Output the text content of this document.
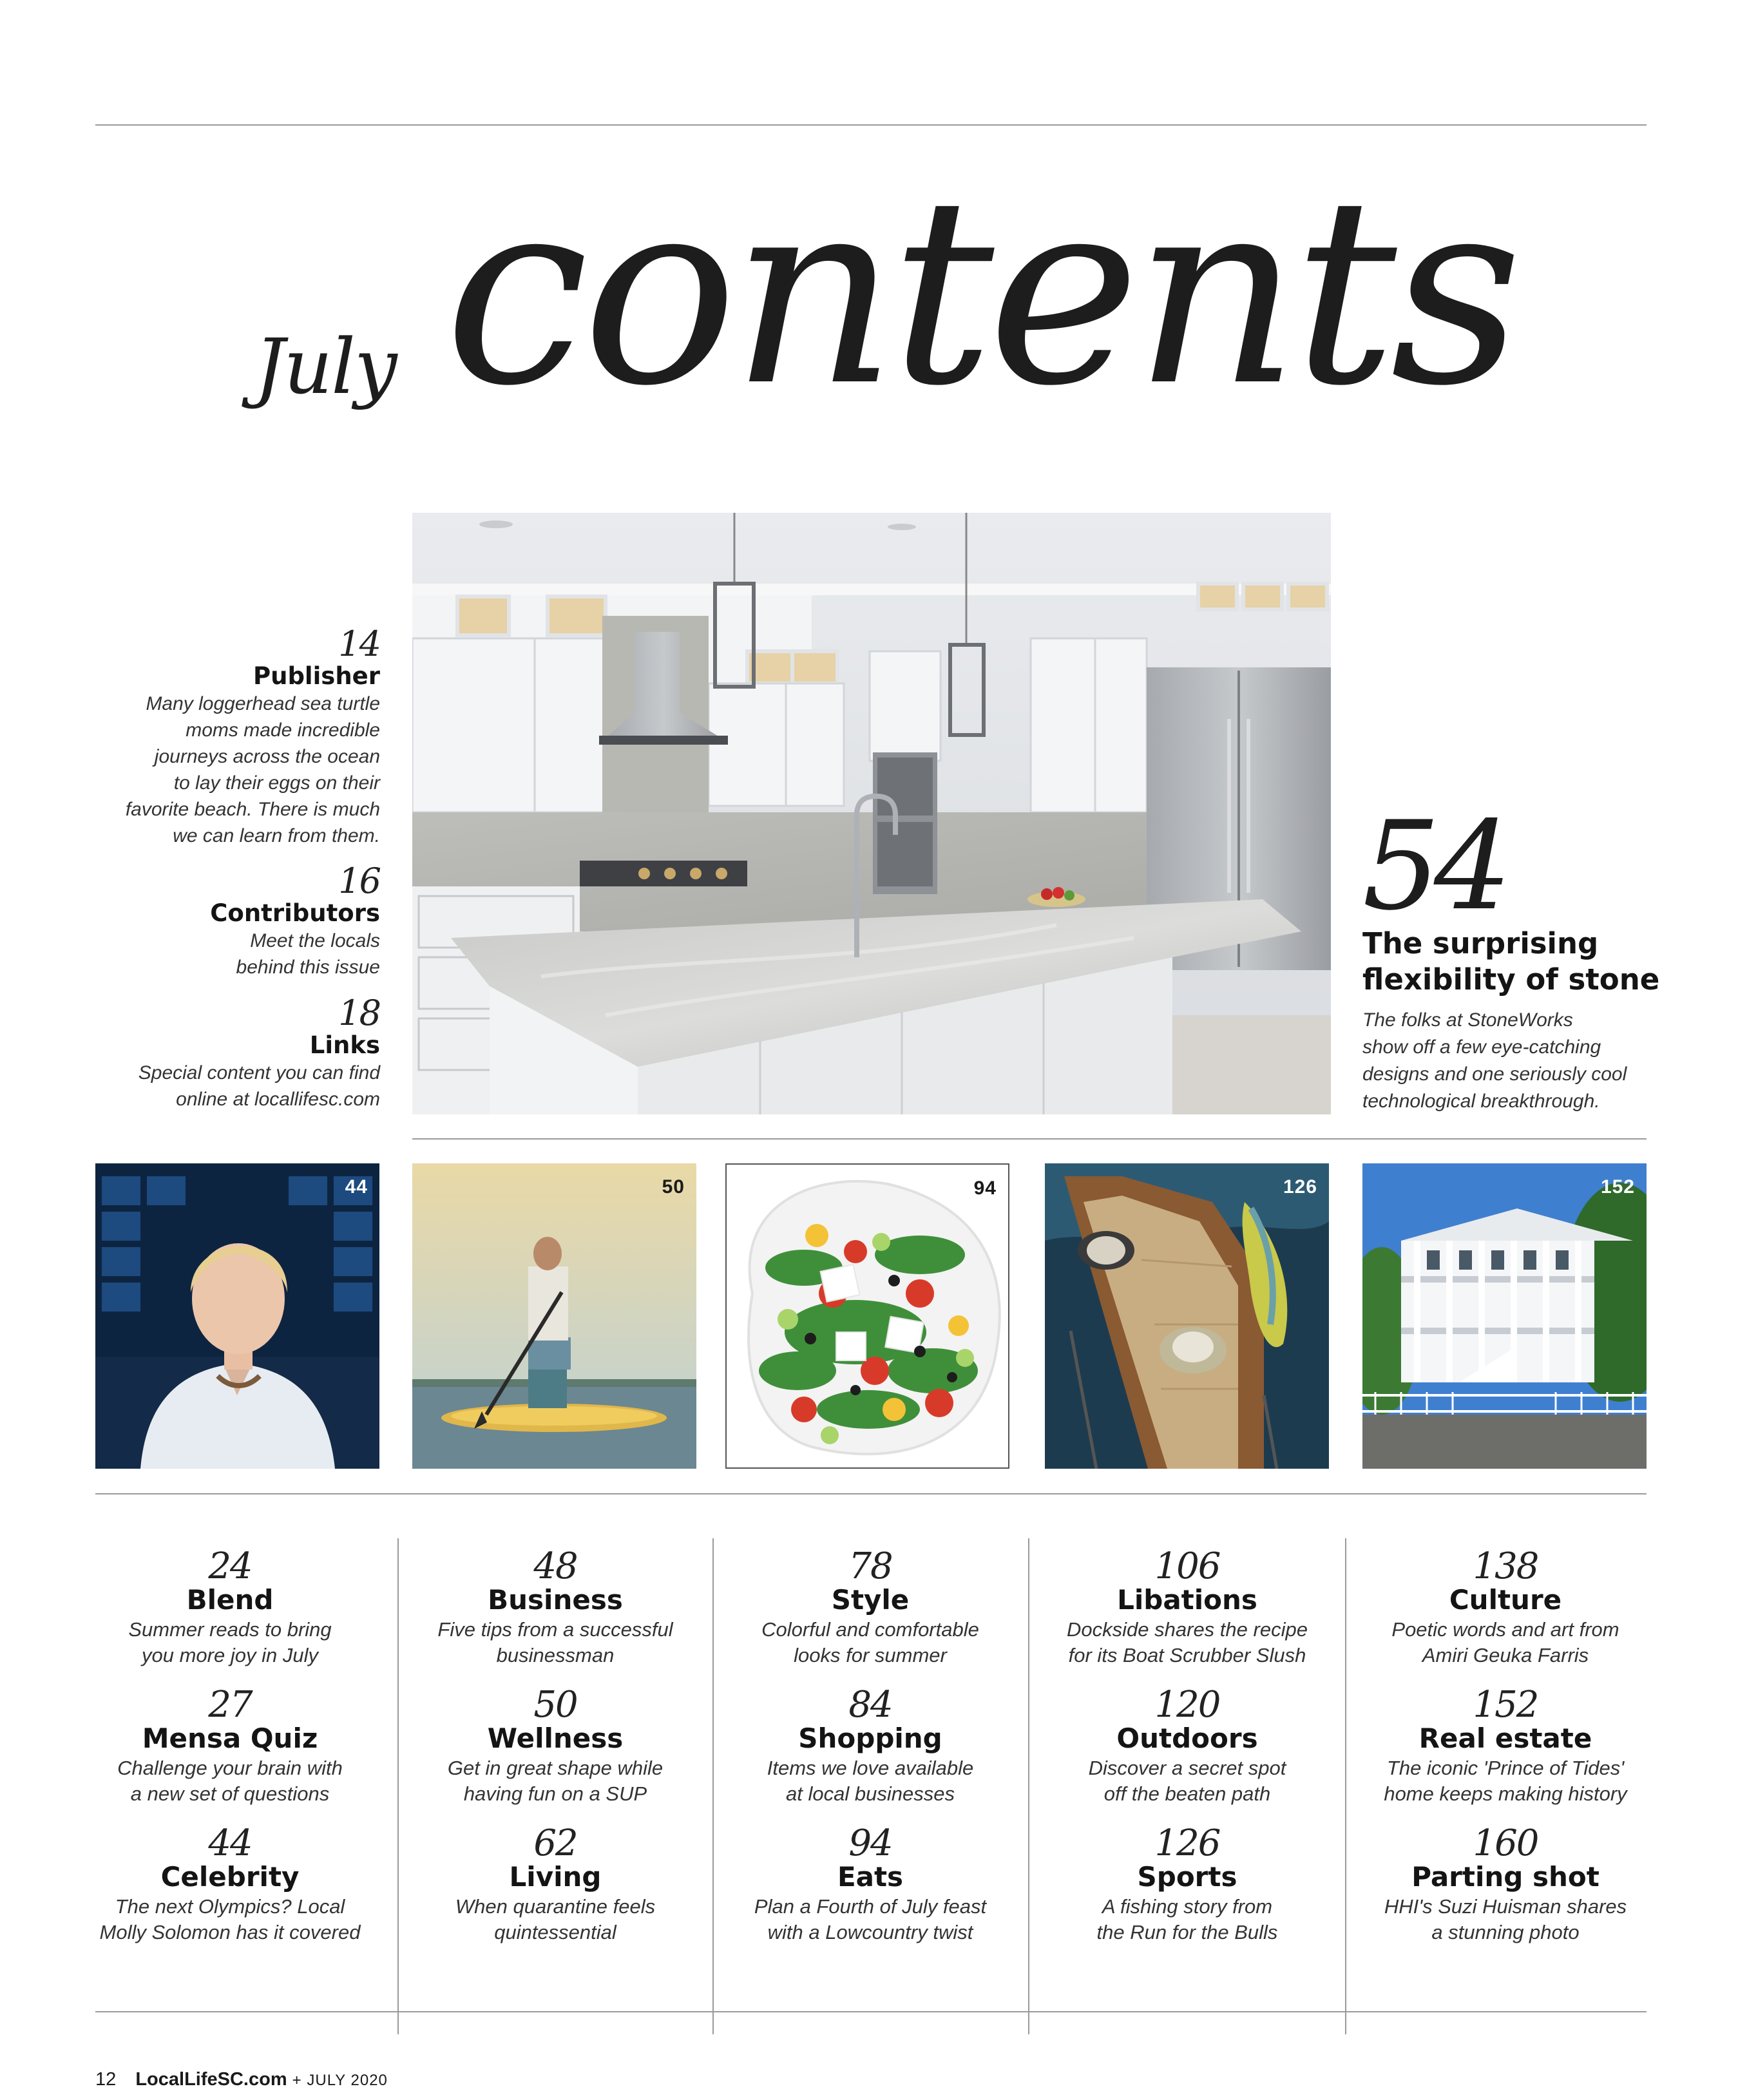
July contents
14
Publisher
Many loggerhead sea turtle
moms made incredible
journeys across the ocean
to lay their eggs on their
favorite beach. There is much
we can learn from them.
16
Contributors
Meet the locals
behind this issue
18
Links
Special content you can find
online at locallifesc.com
54
The surprising
flexibility of stone
The folks at StoneWorks
show off a few eye-catching
designs and one seriously cool
technological breakthrough.
44	50	94	126	152
24
Blend
Summer reads to bring
you more joy in July
27
Mensa Quiz
Challenge your brain with
a new set of questions
44
Celebrity
The next Olympics? Local
Molly Solomon has it covered
48
Business
Five tips from a successful
businessman
50
Wellness
Get in great shape while
having fun on a SUP
62
Living
When quarantine feels
quintessential
78
Style
Colorful and comfortable
looks for summer
84
Shopping
Items we love available
at local businesses
94
Eats
Plan a Fourth of July feast
with a Lowcountry twist
106
Libations
Dockside shares the recipe
for its Boat Scrubber Slush
120
Outdoors
Discover a secret spot
off the beaten path
126
Sports
A fishing story from
the Run for the Bulls
138
Culture
Poetic words and art from
Amiri Geuka Farris
152
Real estate
The iconic 'Prince of Tides'
home keeps making history
160
Parting shot
HHI's Suzi Huisman shares
a stunning photo
12 LocalLifeSC.com + JULY 2020
